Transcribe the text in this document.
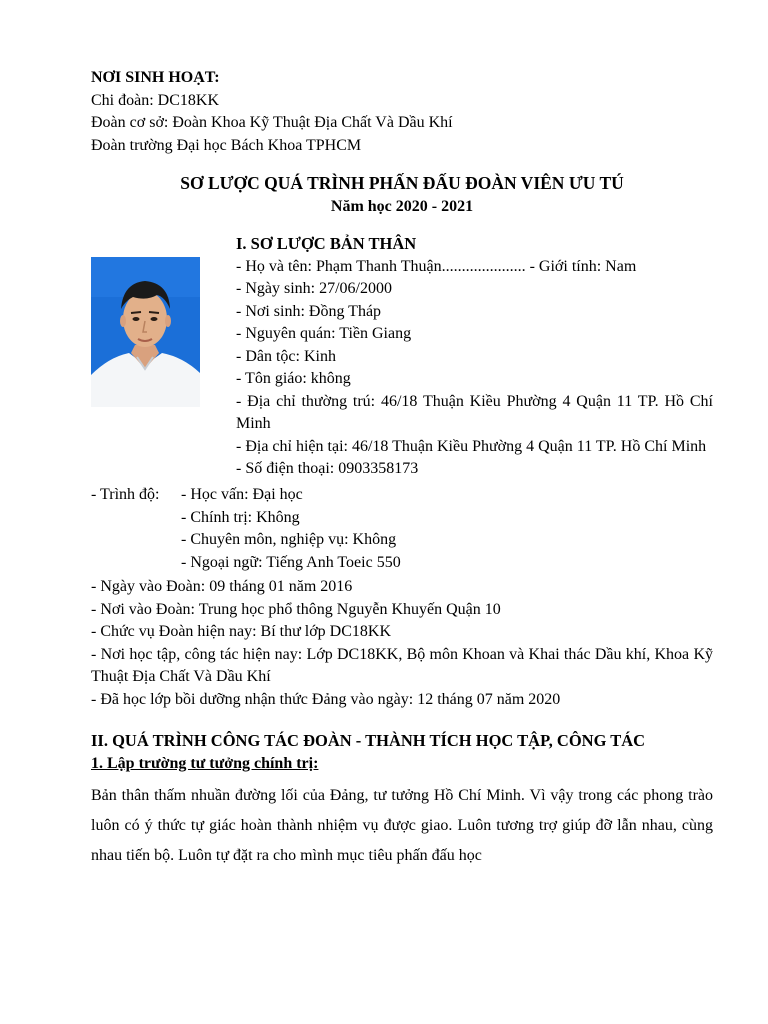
NƠI SINH HOẠT:
Chi đoàn: DC18KK
Đoàn cơ sở: Đoàn Khoa Kỹ Thuật Địa Chất Và Dầu Khí
Đoàn trường Đại học Bách Khoa TPHCM
SƠ LƯỢC QUÁ TRÌNH PHẤN ĐẤU ĐOÀN VIÊN ƯU TÚ
Năm học 2020 - 2021
I. SƠ LƯỢC BẢN THÂN
- Họ và tên: Phạm Thanh Thuận..................... - Giới tính: Nam
- Ngày sinh: 27/06/2000
- Nơi sinh: Đồng Tháp
- Nguyên quán: Tiền Giang
- Dân tộc: Kinh
- Tôn giáo: không
- Địa chỉ thường trú: 46/18 Thuận Kiều Phường 4 Quận 11 TP. Hồ Chí Minh
- Địa chỉ hiện tại: 46/18 Thuận Kiều Phường 4 Quận 11 TP. Hồ Chí Minh
- Số điện thoại: 0903358173
- Trình độ: - Học vấn: Đại học
- Chính trị: Không
- Chuyên môn, nghiệp vụ: Không
- Ngoại ngữ: Tiếng Anh Toeic 550
- Ngày vào Đoàn: 09 tháng 01 năm 2016
- Nơi vào Đoàn: Trung học phổ thông Nguyễn Khuyến Quận 10
- Chức vụ Đoàn hiện nay: Bí thư lớp DC18KK
- Nơi học tập, công tác hiện nay: Lớp DC18KK, Bộ môn Khoan và Khai thác Dầu khí, Khoa Kỹ Thuật Địa Chất Và Dầu Khí
- Đã học lớp bồi dưỡng nhận thức Đảng vào ngày: 12 tháng 07 năm 2020
II. QUÁ TRÌNH CÔNG TÁC ĐOÀN - THÀNH TÍCH HỌC TẬP, CÔNG TÁC
1. Lập trường tư tưởng chính trị:
Bản thân thấm nhuần đường lối của Đảng, tư tưởng Hồ Chí Minh. Vì vậy trong các phong trào luôn có ý thức tự giác hoàn thành nhiệm vụ được giao. Luôn tương trợ giúp đỡ lẫn nhau, cùng nhau tiến bộ. Luôn tự đặt ra cho mình mục tiêu phấn đấu học
